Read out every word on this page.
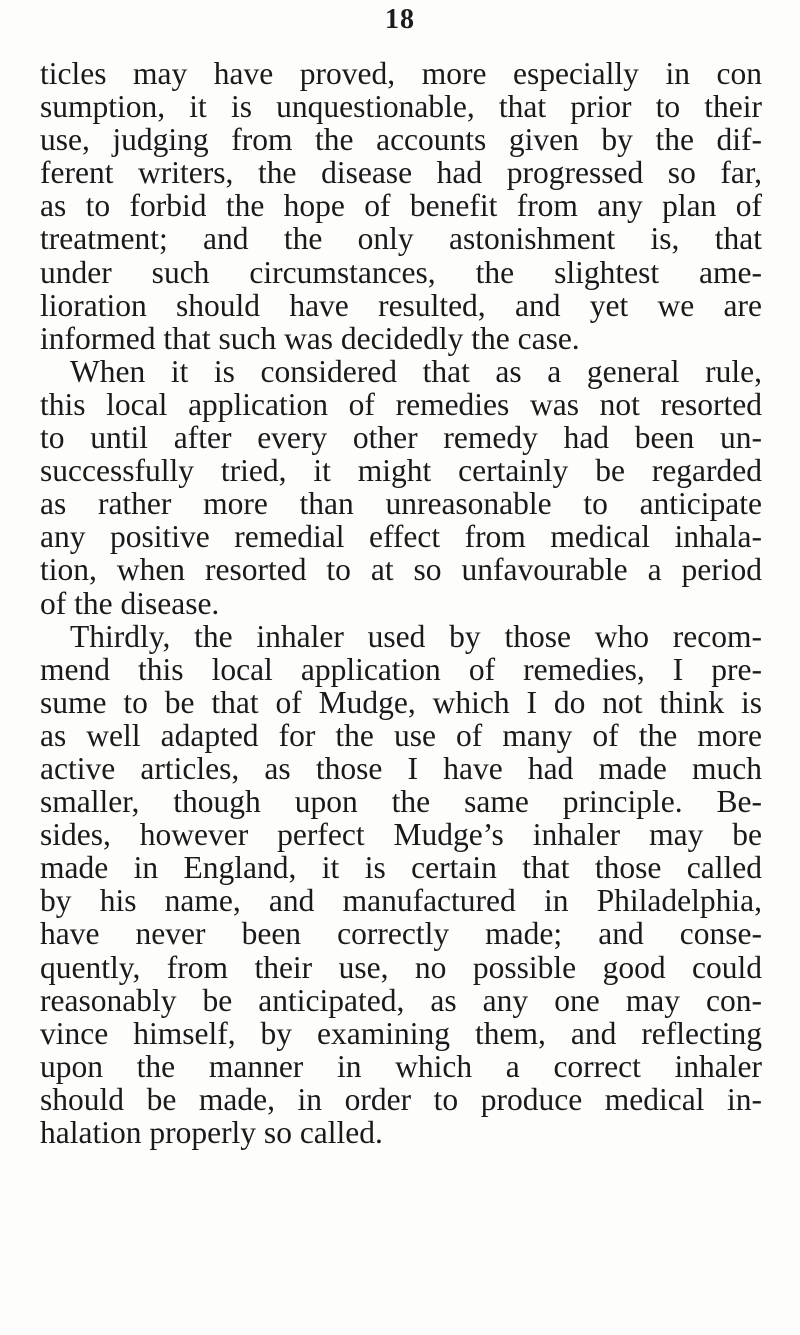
18
ticles may have proved, more especially in con
sumption, it is unquestionable, that prior to their
use, judging from the accounts given by the dif-
ferent writers, the disease had progressed so far,
as to forbid the hope of benefit from any plan of
treatment; and the only astonishment is, that
under such circumstances, the slightest ame-
lioration should have resulted, and yet we are
informed that such was decidedly the case.
When it is considered that as a general rule,
this local application of remedies was not resorted
to until after every other remedy had been un-
successfully tried, it might certainly be regarded
as rather more than unreasonable to anticipate
any positive remedial effect from medical inhala-
tion, when resorted to at so unfavourable a period
of the disease.
Thirdly, the inhaler used by those who recom-
mend this local application of remedies, I pre-
sume to be that of Mudge, which I do not think is
as well adapted for the use of many of the more
active articles, as those I have had made much
smaller, though upon the same principle. Be-
sides, however perfect Mudge’s inhaler may be
made in England, it is certain that those called
by his name, and manufactured in Philadelphia,
have never been correctly made; and conse-
quently, from their use, no possible good could
reasonably be anticipated, as any one may con-
vince himself, by examining them, and reflecting
upon the manner in which a correct inhaler
should be made, in order to produce medical in-
halation properly so called.
